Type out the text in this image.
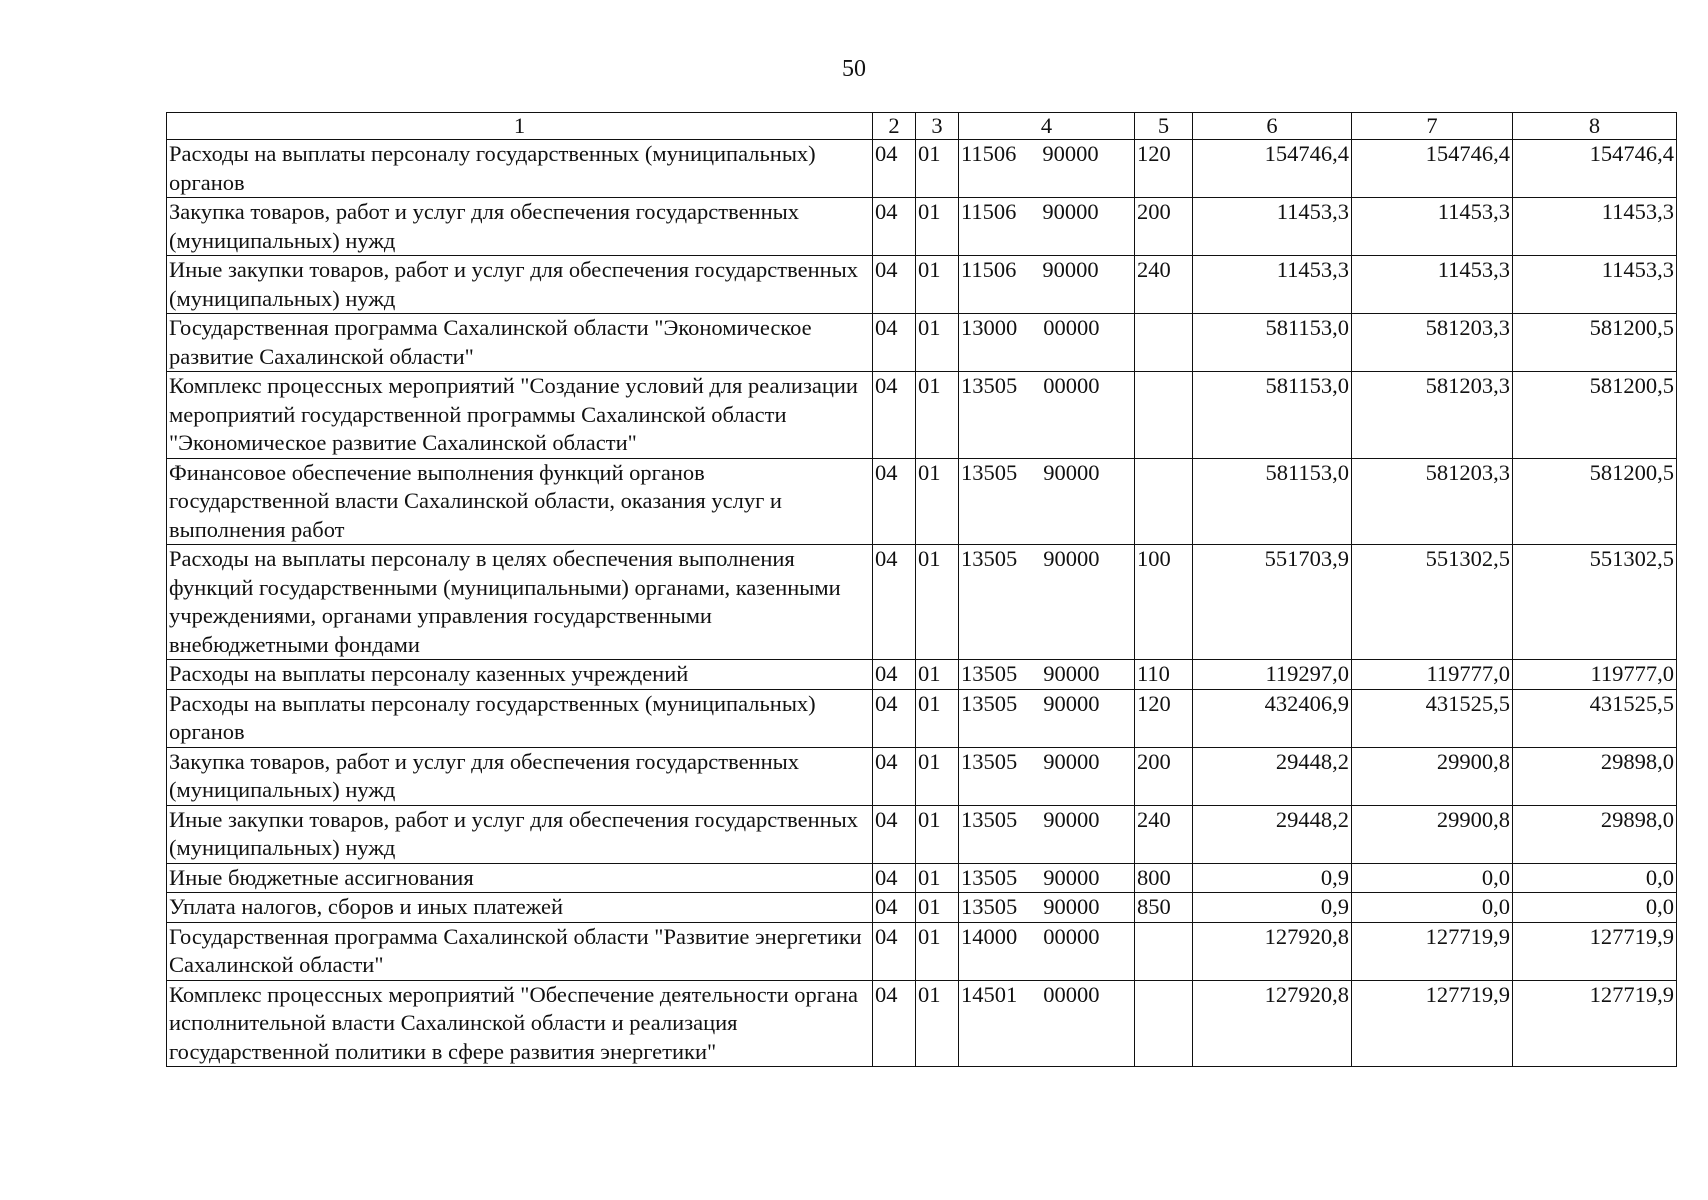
50
1	2	3	4	5	6	7	8
Расходы на выплаты персоналу государственных (муниципальных) органов	04	01	11506 90000	120	154746,4	154746,4	154746,4
Закупка товаров, работ и услуг для обеспечения государственных (муниципальных) нужд	04	01	11506 90000	200	11453,3	11453,3	11453,3
Иные закупки товаров, работ и услуг для обеспечения государственных (муниципальных) нужд	04	01	11506 90000	240	11453,3	11453,3	11453,3
Государственная программа Сахалинской области "Экономическое развитие Сахалинской области"	04	01	13000 00000		581153,0	581203,3	581200,5
Комплекс процессных мероприятий "Создание условий для реализации мероприятий государственной программы Сахалинской области "Экономическое развитие Сахалинской области"	04	01	13505 00000		581153,0	581203,3	581200,5
Финансовое обеспечение выполнения функций органов государственной власти Сахалинской области, оказания услуг и выполнения работ	04	01	13505 90000		581153,0	581203,3	581200,5
Расходы на выплаты персоналу в целях обеспечения выполнения функций государственными (муниципальными) органами, казенными учреждениями, органами управления государственными внебюджетными фондами	04	01	13505 90000	100	551703,9	551302,5	551302,5
Расходы на выплаты персоналу казенных учреждений	04	01	13505 90000	110	119297,0	119777,0	119777,0
Расходы на выплаты персоналу государственных (муниципальных) органов	04	01	13505 90000	120	432406,9	431525,5	431525,5
Закупка товаров, работ и услуг для обеспечения государственных (муниципальных) нужд	04	01	13505 90000	200	29448,2	29900,8	29898,0
Иные закупки товаров, работ и услуг для обеспечения государственных (муниципальных) нужд	04	01	13505 90000	240	29448,2	29900,8	29898,0
Иные бюджетные ассигнования	04	01	13505 90000	800	0,9	0,0	0,0
Уплата налогов, сборов и иных платежей	04	01	13505 90000	850	0,9	0,0	0,0
Государственная программа Сахалинской области "Развитие энергетики Сахалинской области"	04	01	14000 00000		127920,8	127719,9	127719,9
Комплекс процессных мероприятий "Обеспечение деятельности органа исполнительной власти Сахалинской области и реализация государственной политики в сфере развития энергетики"	04	01	14501 00000		127920,8	127719,9	127719,9
